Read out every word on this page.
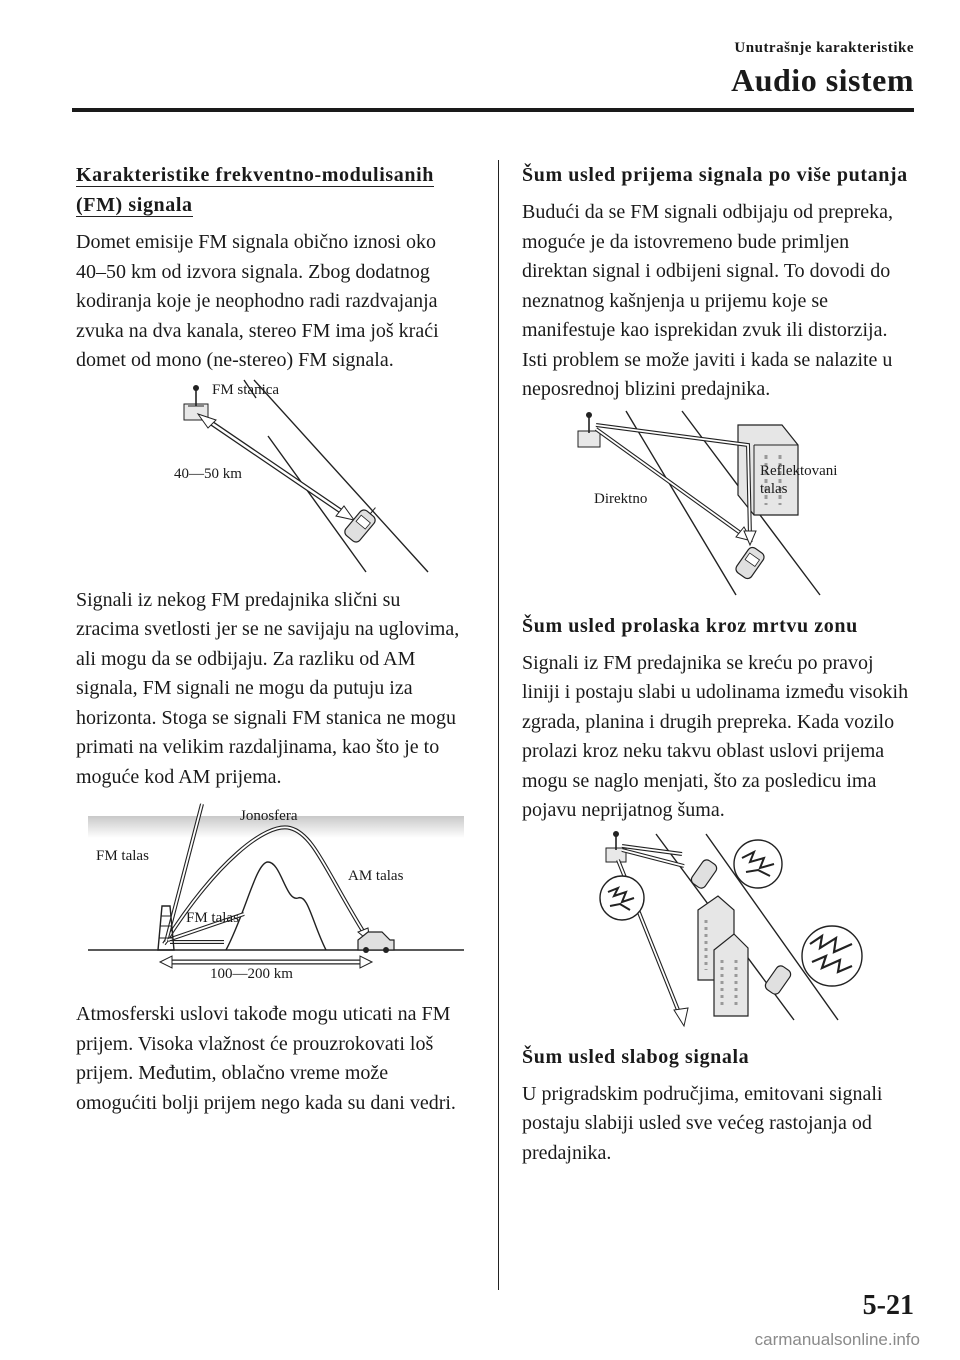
Unutrašnje karakteristike
Audio sistem
Karakteristike frekventno-modulisanih (FM) signala

Domet emisije FM signala obično iznosi oko 40–50 km od izvora signala. Zbog dodatnog kodiranja koje je neophodno radi razdvajanja zvuka na dva kanala, stereo FM ima još kraći domet od mono (ne-stereo) FM signala.

FM stanica
40—50 km

Signali iz nekog FM predajnika slični su zracima svetlosti jer se ne savijaju na uglovima, ali mogu da se odbijaju. Za razliku od AM signala, FM signali ne mogu da putuju iza horizonta. Stoga se signali FM stanica ne mogu primati na velikim razdaljinama, kao što je to moguće kod AM prijema.

Jonosfera
FM talas
AM talas
FM talas
100—200 km

Atmosferski uslovi takođe mogu uticati na FM prijem. Visoka vlažnost će prouzrokovati loš prijem. Međutim, oblačno vreme može omogućiti bolji prijem nego kada su dani vedri.

Šum usled prijema signala po više putanja

Budući da se FM signali odbijaju od prepreka, moguće je da istovremeno bude primljen direktan signal i odbijeni signal. To dovodi do neznatnog kašnjenja u prijemu koje se manifestuje kao isprekidan zvuk ili distorzija. Isti problem se može javiti i kada se nalazite u neposrednoj blizini predajnika.

Reflektovani
talas
Direktno
Šum usled prolaska kroz mrtvu zonu

Signali iz FM predajnika se kreću po pravoj liniji i postaju slabi u udolinama između visokih zgrada, planina i drugih prepreka. Kada vozilo prolazi kroz neku takvu oblast uslovi prijema mogu se naglo menjati, što za posledicu ima pojavu neprijatnog šuma.

Šum usled slabog signala

U prigradskim područjima, emitovani signali postaju slabiji usled sve većeg rastojanja od predajnika.

5-21
carmanualsonline.info
